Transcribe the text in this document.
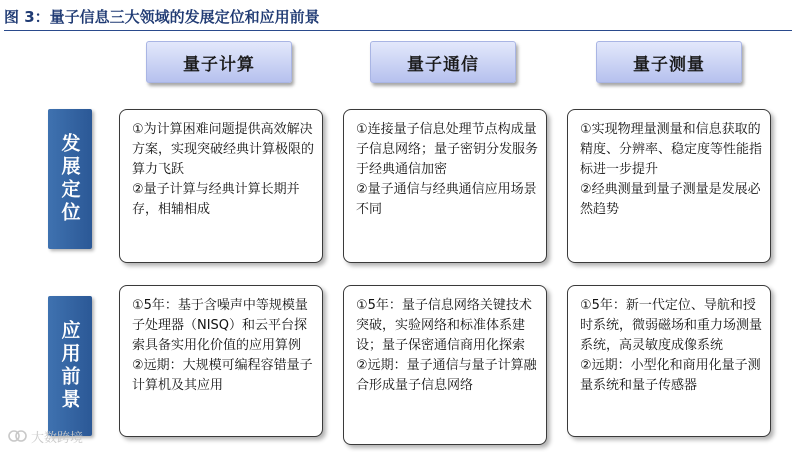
图 3：量子信息三大领域的发展定位和应用前景
量子计算	量子通信	量子测量
发展定位
应用前景

①为计算困难问题提供高效解决方案，实现突破经典计算极限的算力飞跃

②量子计算与经典计算长期并存，相辅相成

①连接量子信息处理节点构成量子信息网络；量子密钥分发服务于经典通信加密

②量子通信与经典通信应用场景不同

①实现物理量测量和信息获取的精度、分辨率、稳定度等性能指标进一步提升

②经典测量到量子测量是发展必然趋势

①5年：基于含噪声中等规模量子处理器（NISQ）和云平台探索具备实用化价值的应用算例

②远期：大规模可编程容错量子计算机及其应用

①5年：量子信息网络关键技术突破，实验网络和标准体系建设；量子保密通信商用化探索

②远期：量子通信与量子计算融合形成量子信息网络

①5年：新一代定位、导航和授时系统，微弱磁场和重力场测量系统，高灵敏度成像系统

②远期：小型化和商用化量子测量系统和量子传感器

大数跨境
